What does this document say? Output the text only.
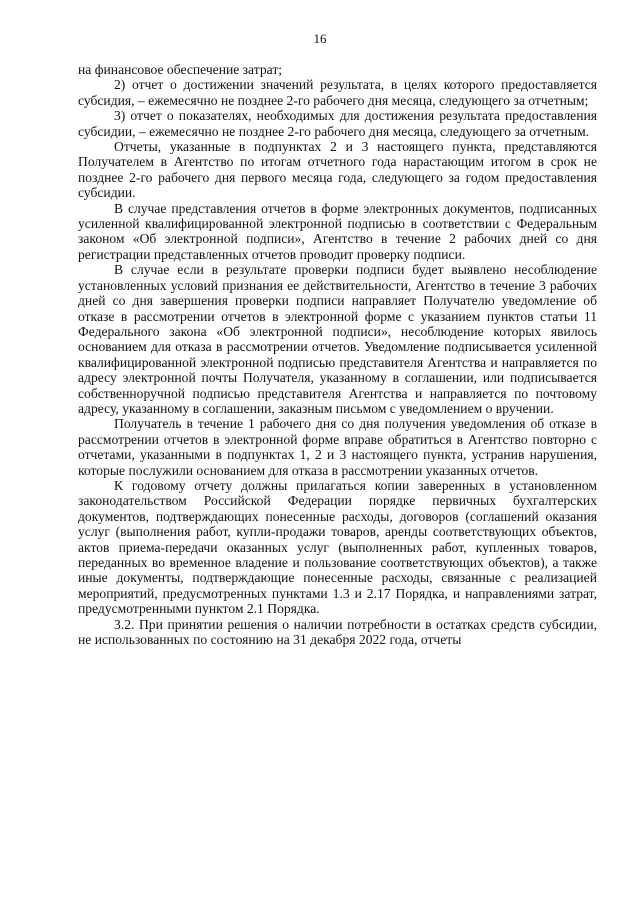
16

на финансовое обеспечение затрат;

2) отчет о достижении значений результата, в целях которого предоставляется субсидия, – ежемесячно не позднее 2-го рабочего дня месяца, следующего за отчетным;

3) отчет о показателях, необходимых для достижения результата предоставления субсидии, – ежемесячно не позднее 2-го рабочего дня месяца, следующего за отчетным.

Отчеты, указанные в подпунктах 2 и 3 настоящего пункта, представляются Получателем в Агентство по итогам отчетного года нарастающим итогом в срок не позднее 2-го рабочего дня первого месяца года, следующего за годом предоставления субсидии.

В случае представления отчетов в форме электронных документов, подписанных усиленной квалифицированной электронной подписью в соответствии с Федеральным законом «Об электронной подписи», Агентство в течение 2 рабочих дней со дня регистрации представленных отчетов проводит проверку подписи.

В случае если в результате проверки подписи будет выявлено несоблюдение установленных условий признания ее действительности, Агентство в течение 3 рабочих дней со дня завершения проверки подписи направляет Получателю уведомление об отказе в рассмотрении отчетов в электронной форме с указанием пунктов статьи 11 Федерального закона «Об электронной подписи», несоблюдение которых явилось основанием для отказа в рассмотрении отчетов. Уведомление подписывается усиленной квалифицированной электронной подписью представителя Агентства и направляется по адресу электронной почты Получателя, указанному в соглашении, или подписывается собственноручной подписью представителя Агентства и направляется по почтовому адресу, указанному в соглашении, заказным письмом с уведомлением о вручении.

Получатель в течение 1 рабочего дня со дня получения уведомления об отказе в рассмотрении отчетов в электронной форме вправе обратиться в Агентство повторно с отчетами, указанными в подпунктах 1, 2 и 3 настоящего пункта, устранив нарушения, которые послужили основанием для отказа в рассмотрении указанных отчетов.

К годовому отчету должны прилагаться копии заверенных в установленном законодательством Российской Федерации порядке первичных бухгалтерских документов, подтверждающих понесенные расходы, договоров (соглашений оказания услуг (выполнения работ, купли-продажи товаров, аренды соответствующих объектов, актов приема-передачи оказанных услуг (выполненных работ, купленных товаров, переданных во временное владение и пользование соответствующих объектов), а также иные документы, подтверждающие понесенные расходы, связанные с реализацией мероприятий, предусмотренных пунктами 1.3 и 2.17 Порядка, и направлениями затрат, предусмотренными пунктом 2.1 Порядка.

3.2. При принятии решения о наличии потребности в остатках средств субсидии, не использованных по состоянию на 31 декабря 2022 года, отчеты
